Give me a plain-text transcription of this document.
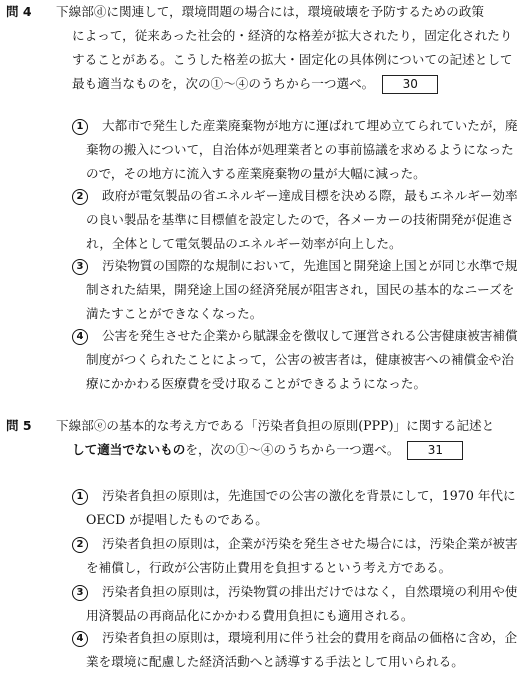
問 4 下線部ⓓに関連して，環境問題の場合には，環境破壊を予防するための政策
によって，従来あった社会的・経済的な格差が拡大されたり，固定化されたり
することがある。こうした格差の拡大・固定化の具体例についての記述として
最も適当なものを，次の①〜④のうちから一つ選べ。 30
1	大都市で発生した産業廃棄物が地方に運ばれて埋め立てられていたが，廃
棄物の搬入について，自治体が処理業者との事前協議を求めるようになった
ので，その地方に流入する産業廃棄物の量が大幅に減った。
2	政府が電気製品の省エネルギー達成目標を決める際，最もエネルギー効率
の良い製品を基準に目標値を設定したので，各メーカーの技術開発が促進さ
れ，全体として電気製品のエネルギー効率が向上した。
3	汚染物質の国際的な規制において，先進国と開発途上国とが同じ水準で規
制された結果，開発途上国の経済発展が阻害され，国民の基本的なニーズを
満たすことができなくなった。
4	公害を発生させた企業から賦課金を徴収して運営される公害健康被害補償
制度がつくられたことによって，公害の被害者は，健康被害への補償金や治
療にかかわる医療費を受け取ることができるようになった。
問 5 下線部ⓔの基本的な考え方である「汚染者負担の原則(PPP)」に関する記述と
して適当でないものを，次の①〜④のうちから一つ選べ。 31
1	汚染者負担の原則は，先進国での公害の激化を背景にして，1970 年代に
OECD が提唱したものである。
2	汚染者負担の原則は，企業が汚染を発生させた場合には，汚染企業が被害
を補償し，行政が公害防止費用を負担するという考え方である。
3	汚染者負担の原則は，汚染物質の排出だけではなく，自然環境の利用や使
用済製品の再商品化にかかわる費用負担にも適用される。
4	汚染者負担の原則は，環境利用に伴う社会的費用を商品の価格に含め，企
業を環境に配慮した経済活動へと誘導する手法として用いられる。
